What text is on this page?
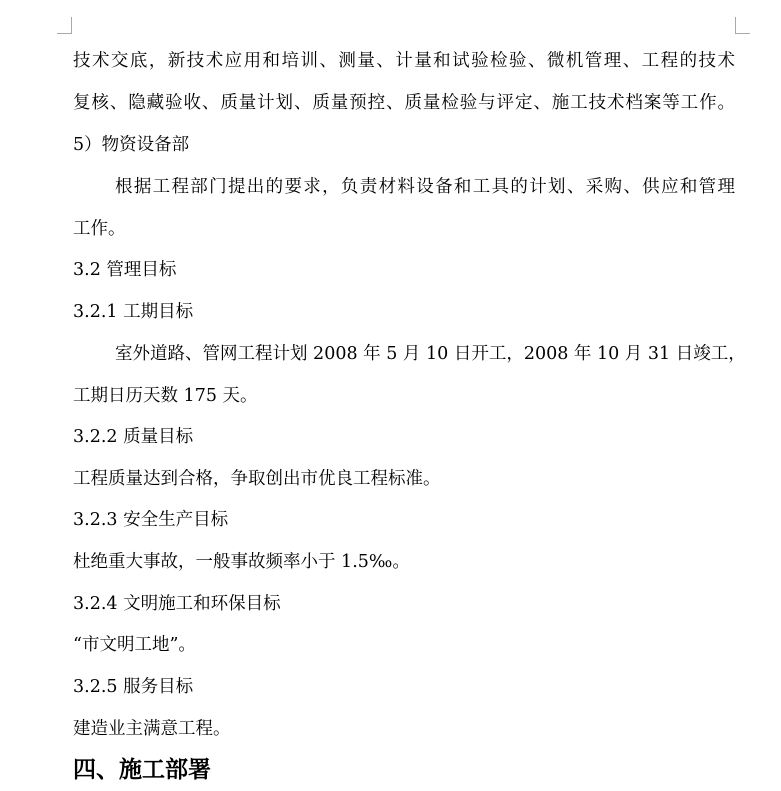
技术交底，新技术应用和培训、测量、计量和试验检验、微机管理、工程的技术
复核、隐藏验收、质量计划、质量预控、质量检验与评定、施工技术档案等工作。
5）物资设备部
根据工程部门提出的要求，负责材料设备和工具的计划、采购、供应和管理
工作。
3.2 管理目标
3.2.1 工期目标
室外道路、管网工程计划 2008 年 5 月 10 日开工，2008 年 10 月 31 日竣工，
工期日历天数 175 天。
3.2.2 质量目标
工程质量达到合格，争取创出市优良工程标准。
3.2.3 安全生产目标
杜绝重大事故，一般事故频率小于 1.5‰。
3.2.4 文明施工和环保目标
“市文明工地”。
3.2.5 服务目标
建造业主满意工程。
四、施工部署
